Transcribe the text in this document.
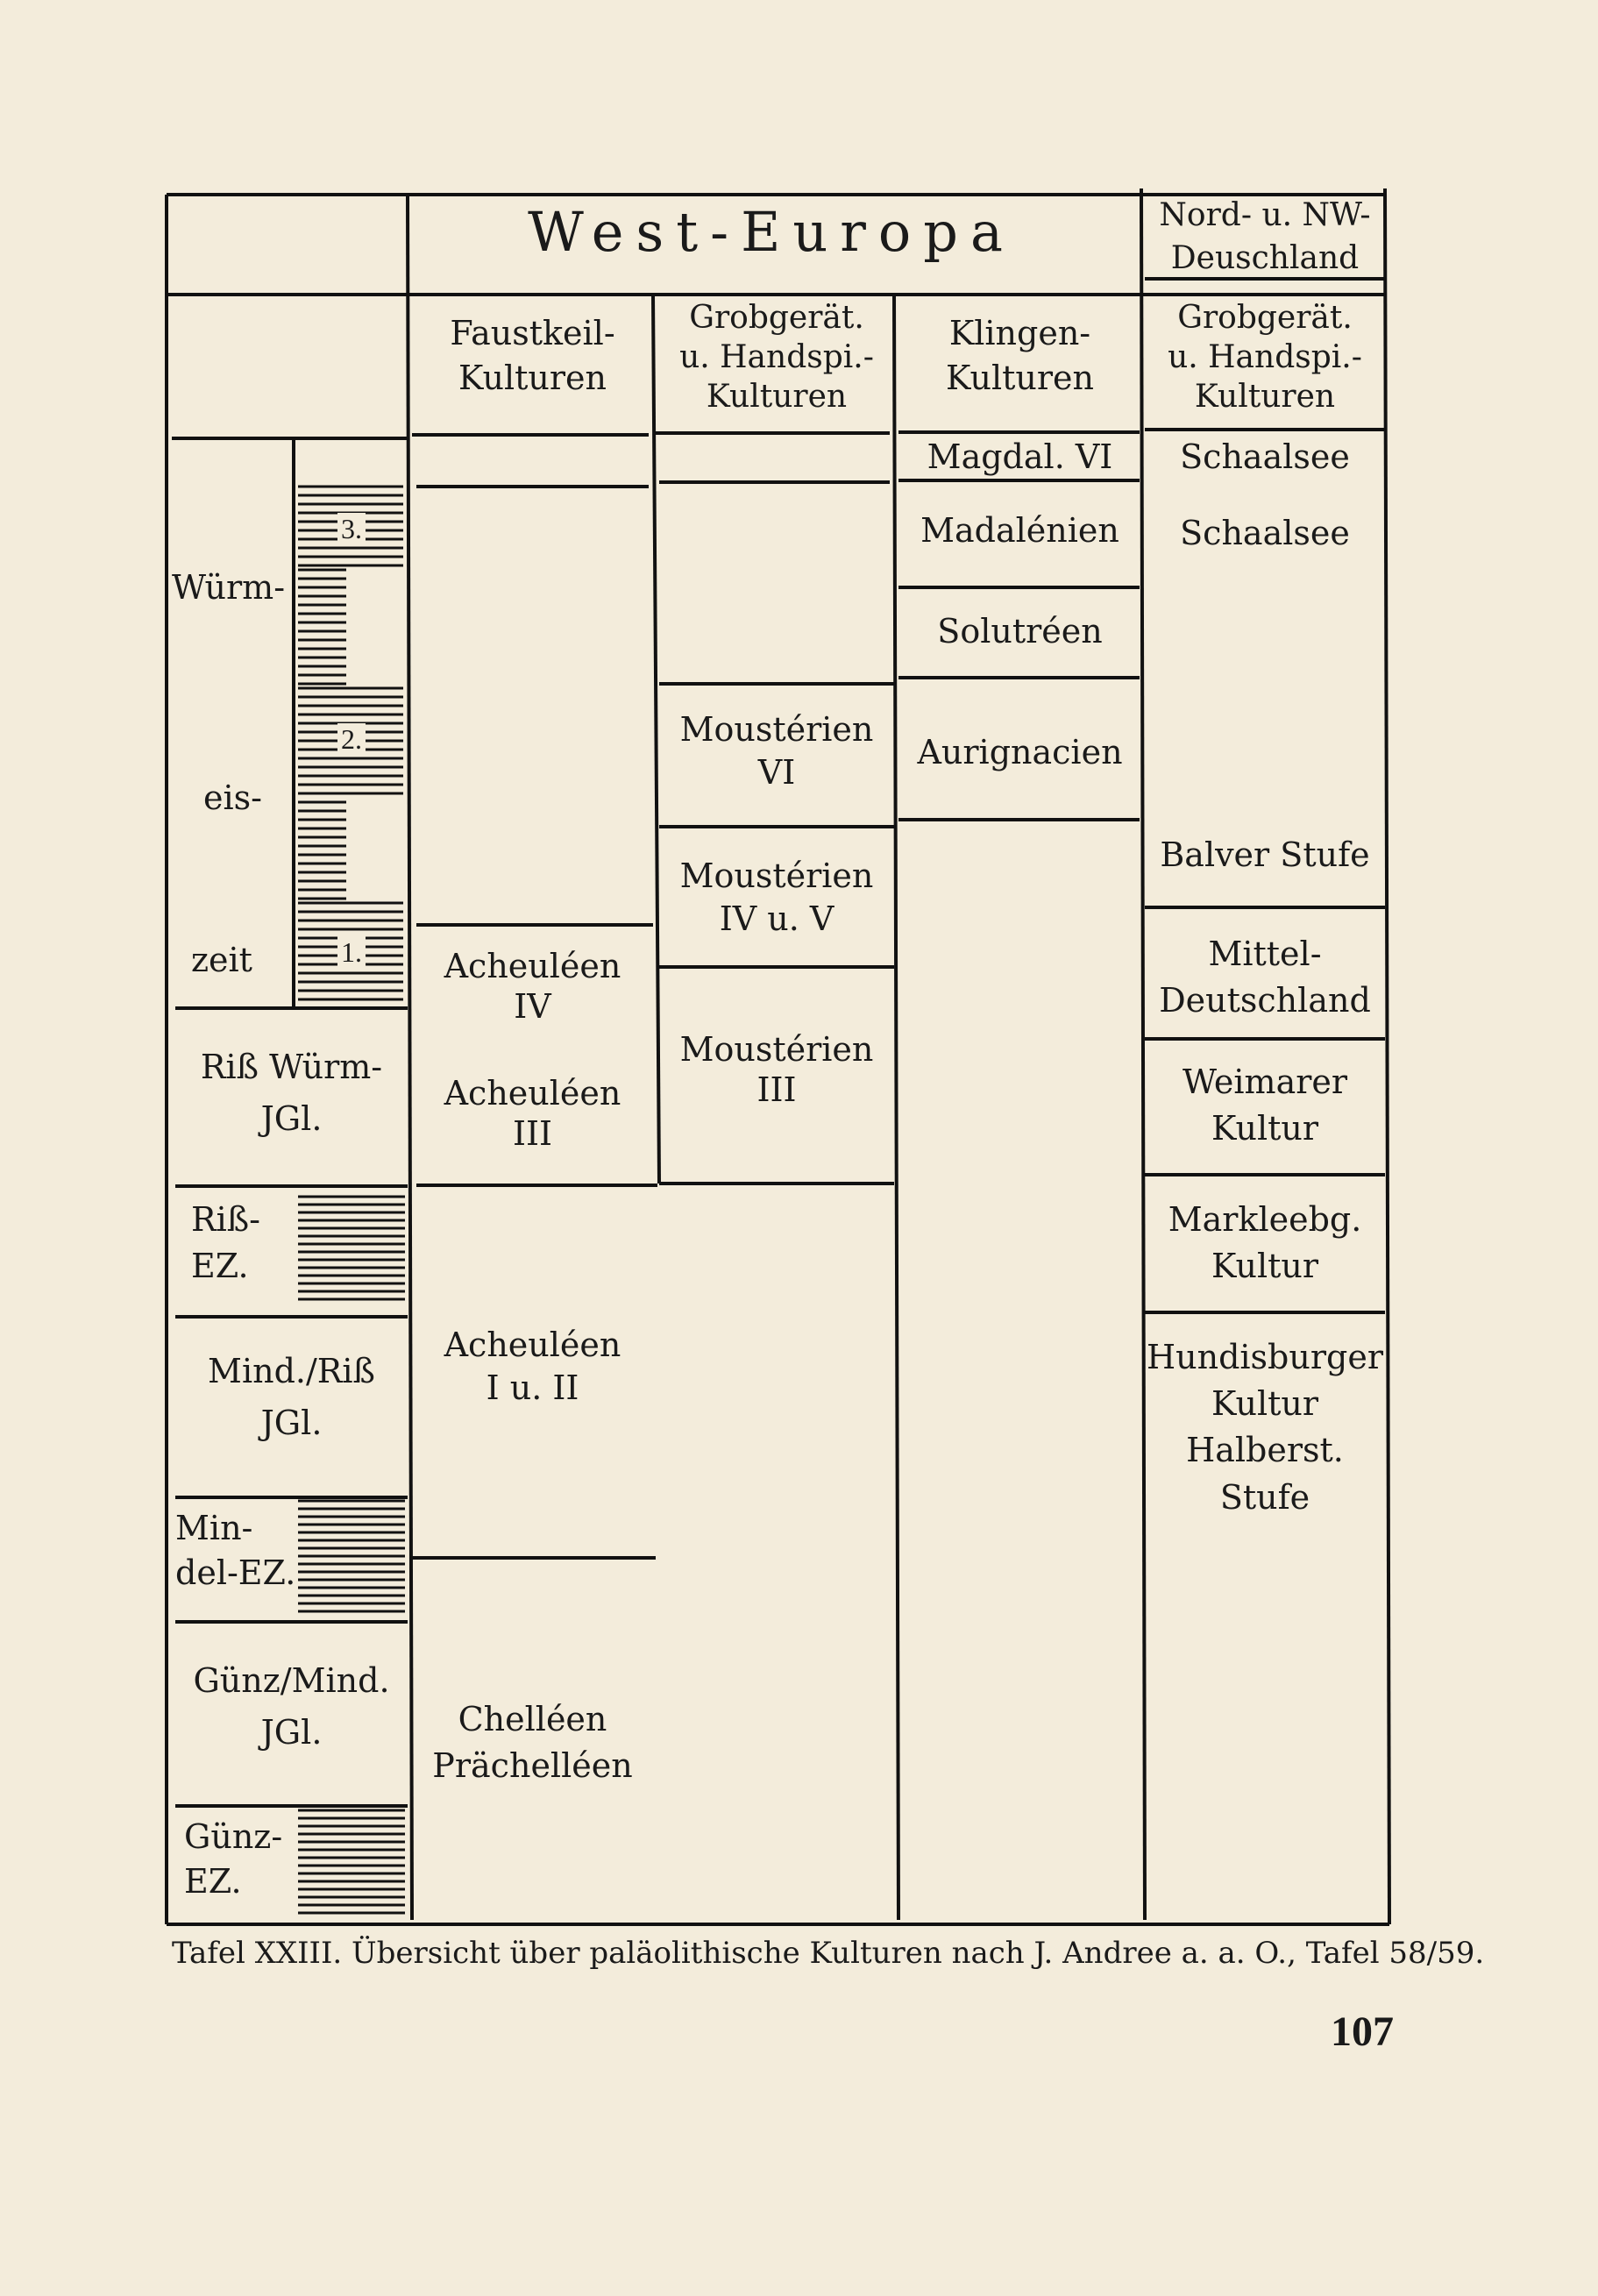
West-Europa	Nord- u. NW-
Deuschland
Faustkeil-
Kulturen
Grobgerät.
u. Handspi.-
Kulturen
Klingen-
Kulturen
Grobgerät.
u. Handspi.-
Kulturen
Würm-
eis-
zeit
3.
2.
1.
Riß Würm-
JGl.
Riß-
EZ.
Mind./Riß
JGl.
Min-
del-EZ.
Günz/Mind.
JGl.
Günz-
EZ.
Acheuléen
IV
Acheuléen
III
Acheuléen
I u. II
Chelléen
Prächelléen
Moustérien
VI
Moustérien
IV u. V
Moustérien
III
Magdal. VI
Madalénien
Solutréen
Aurignacien
Schaalsee
Schaalsee
Balver Stufe
Mittel-
Deutschland
Weimarer
Kultur
Markleebg.
Kultur
Hundisburger
Kultur
Halberst.
Stufe
Tafel XXIII. Übersicht über paläolithische Kulturen nach J. Andree a. a. O., Tafel 58/59.
107
